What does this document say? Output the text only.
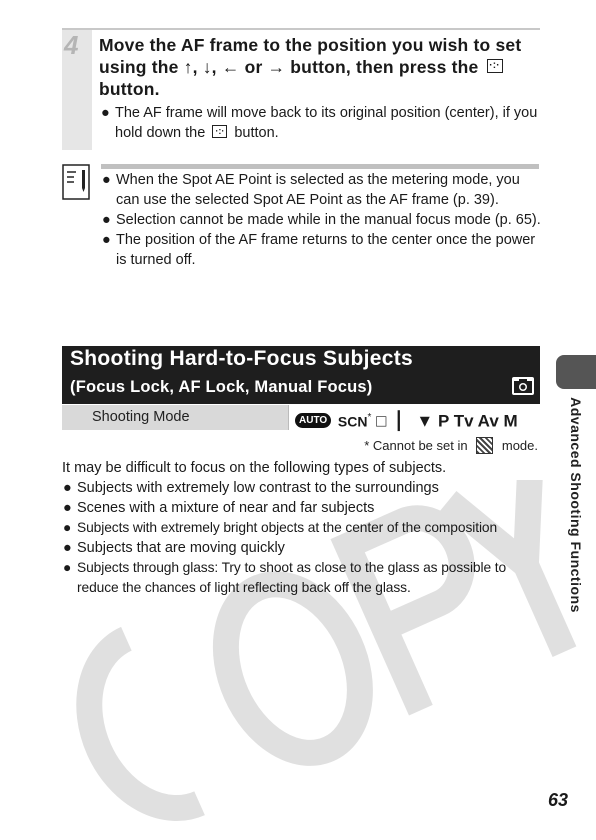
4 Move the AF frame to the position you wish to set using the ↑, ↓, ← or → button, then press the ·:· button.
● The AF frame will move back to its original position (center), if you hold down the ·:· button.
● When the Spot AE Point is selected as the metering mode, you can use the selected Spot AE Point as the AF frame (p. 39).
● Selection cannot be made while in the manual focus mode (p. 65).
● The position of the AF frame returns to the center once the power is turned off.
Shooting Hard-to-Focus Subjects
(Focus Lock, AF Lock, Manual Focus)
Shooting Mode	AUTO SCN* □▕ ▼ P Tv Av M
* Cannot be set in	mode.
It may be difficult to focus on the following types of subjects.
● Subjects with extremely low contrast to the surroundings
● Scenes with a mixture of near and far subjects
● Subjects with extremely bright objects at the center of the composition
● Subjects that are moving quickly
● Subjects through glass: Try to shoot as close to the glass as possible to reduce the chances of light reflecting back off the glass.	Advanced Shooting Functions
63
